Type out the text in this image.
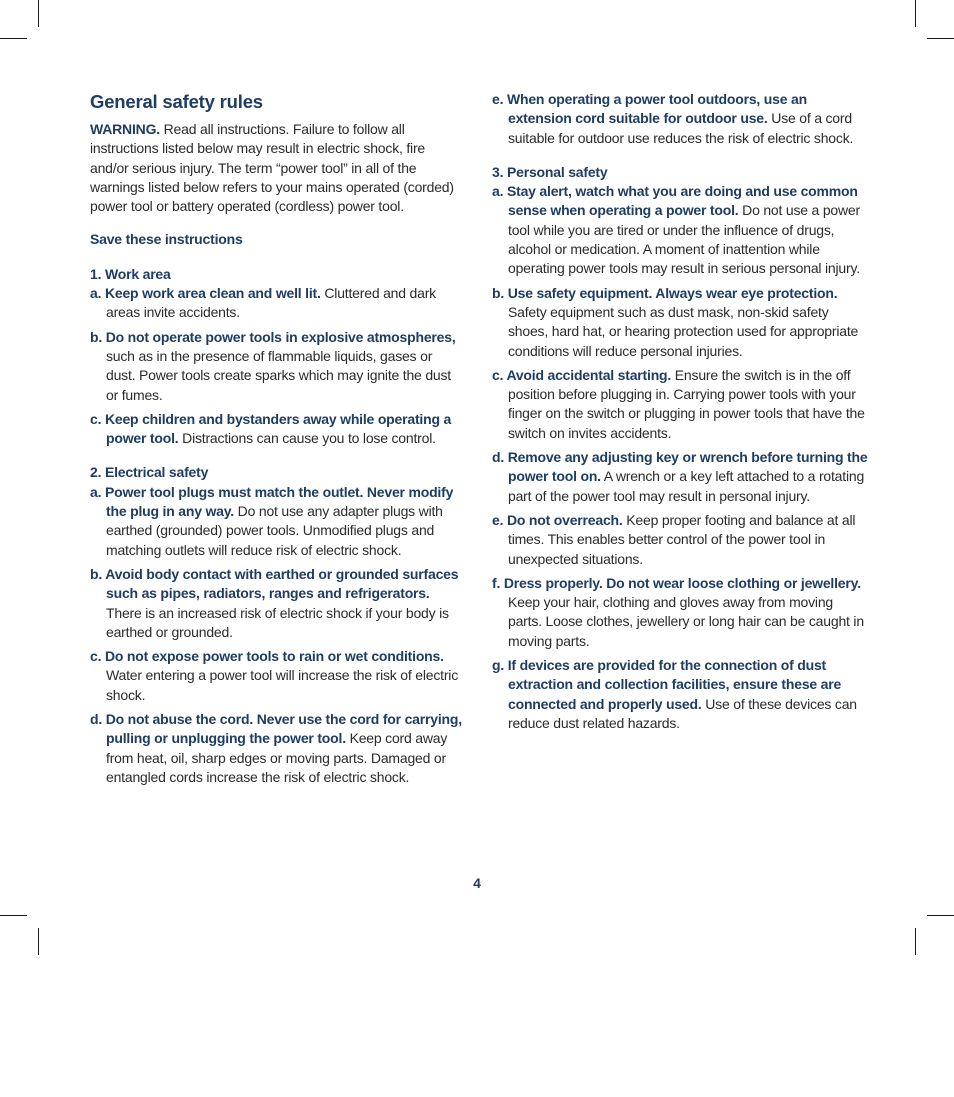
General safety rules

WARNING. Read all instructions. Failure to follow all instructions listed below may result in electric shock, fire and/or serious injury. The term “power tool” in all of the warnings listed below refers to your mains operated (corded) power tool or battery operated (cordless) power tool.

Save these instructions

1. Work area

a. Keep work area clean and well lit. Cluttered and dark areas invite accidents.

b. Do not operate power tools in explosive atmospheres, such as in the presence of flammable liquids, gases or dust. Power tools create sparks which may ignite the dust or fumes.

c. Keep children and bystanders away while operating a power tool. Distractions can cause you to lose control.

2. Electrical safety

a. Power tool plugs must match the outlet. Never modify the plug in any way. Do not use any adapter plugs with earthed (grounded) power tools. Unmodified plugs and matching outlets will reduce risk of electric shock.

b. Avoid body contact with earthed or grounded surfaces such as pipes, radiators, ranges and refrigerators. There is an increased risk of electric shock if your body is earthed or grounded.

c. Do not expose power tools to rain or wet conditions. Water entering a power tool will increase the risk of electric shock.

d. Do not abuse the cord. Never use the cord for carrying, pulling or unplugging the power tool. Keep cord away from heat, oil, sharp edges or moving parts. Damaged or entangled cords increase the risk of electric shock.

e. When operating a power tool outdoors, use an extension cord suitable for outdoor use. Use of a cord suitable for outdoor use reduces the risk of electric shock.

3. Personal safety

a. Stay alert, watch what you are doing and use common sense when operating a power tool. Do not use a power tool while you are tired or under the influence of drugs, alcohol or medication. A moment of inattention while operating power tools may result in serious personal injury.

b. Use safety equipment. Always wear eye protection. Safety equipment such as dust mask, non-skid safety shoes, hard hat, or hearing protection used for appropriate conditions will reduce personal injuries.

c. Avoid accidental starting. Ensure the switch is in the off position before plugging in. Carrying power tools with your finger on the switch or plugging in power tools that have the switch on invites accidents.

d. Remove any adjusting key or wrench before turning the power tool on. A wrench or a key left attached to a rotating part of the power tool may result in personal injury.

e. Do not overreach. Keep proper footing and balance at all times. This enables better control of the power tool in unexpected situations.

f. Dress properly. Do not wear loose clothing or jewellery. Keep your hair, clothing and gloves away from moving parts. Loose clothes, jewellery or long hair can be caught in moving parts.

g. If devices are provided for the connection of dust extraction and collection facilities, ensure these are connected and properly used. Use of these devices can reduce dust related hazards.

4
